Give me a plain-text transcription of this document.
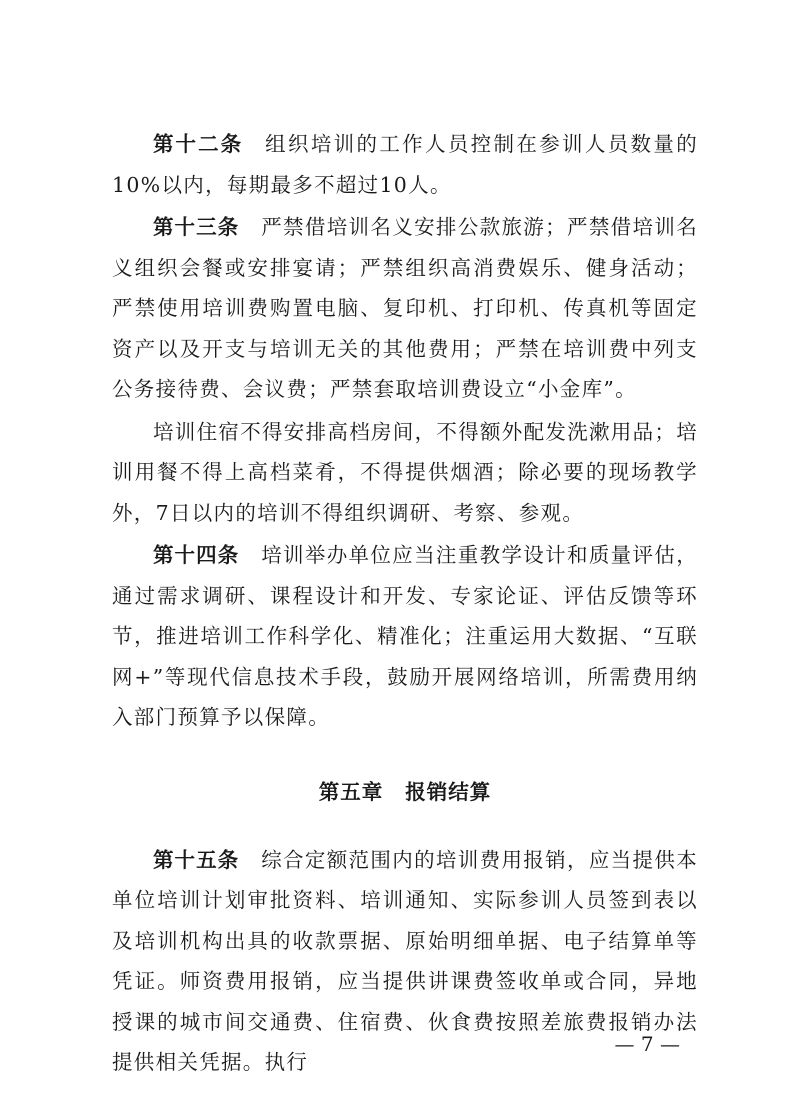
第十二条 组织培训的工作人员控制在参训人员数量的10%以内，每期最多不超过10人。

第十三条 严禁借培训名义安排公款旅游；严禁借培训名义组织会餐或安排宴请；严禁组织高消费娱乐、健身活动；严禁使用培训费购置电脑、复印机、打印机、传真机等固定资产以及开支与培训无关的其他费用；严禁在培训费中列支公务接待费、会议费；严禁套取培训费设立“小金库”。

培训住宿不得安排高档房间，不得额外配发洗漱用品；培训用餐不得上高档菜肴，不得提供烟酒；除必要的现场教学外，7日以内的培训不得组织调研、考察、参观。

第十四条 培训举办单位应当注重教学设计和质量评估，通过需求调研、课程设计和开发、专家论证、评估反馈等环节，推进培训工作科学化、精准化；注重运用大数据、“互联网+”等现代信息技术手段，鼓励开展网络培训，所需费用纳入部门预算予以保障。

第五章 报销结算

第十五条 综合定额范围内的培训费用报销，应当提供本单位培训计划审批资料、培训通知、实际参训人员签到表以及培训机构出具的收款票据、原始明细单据、电子结算单等凭证。师资费用报销，应当提供讲课费签收单或合同，异地授课的城市间交通费、住宿费、伙食费按照差旅费报销办法提供相关凭据。执行

— 7 —
